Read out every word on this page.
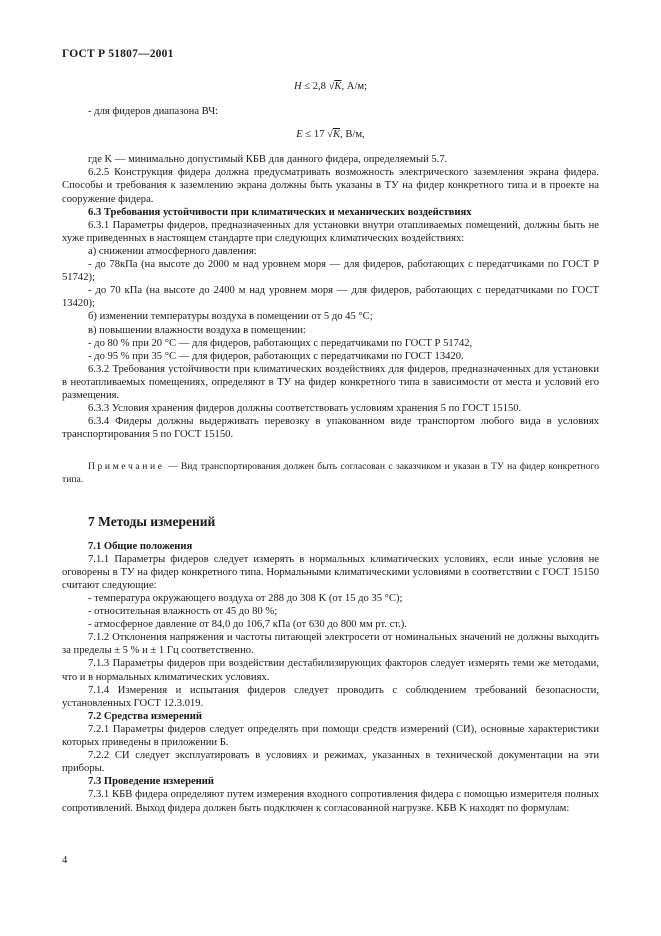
ГОСТ Р 51807—2001

H ≤ 2,8 √K, А/м;

- для фидеров диапазона ВЧ:

E ≤ 17 √K, В/м,

где K — минимально допустимый КБВ для данного фидера, определяемый 5.7.

6.2.5 Конструкция фидера должна предусматривать возможность электрического заземления экрана фидера. Способы и требования к заземлению экрана должны быть указаны в ТУ на фидер конкретного типа и в проекте на сооружение фидера.

6.3 Требования устойчивости при климатических и механических воздействиях

6.3.1 Параметры фидеров, предназначенных для установки внутри отапливаемых помещений, должны быть не хуже приведенных в настоящем стандарте при следующих климатических воздействиях:

а) снижении атмосферного давления:

- до 78кПа (на высоте до 2000 м над уровнем моря — для фидеров, работающих с передатчиками по ГОСТ Р 51742);

- до 70 кПа (на высоте до 2400 м над уровнем моря — для фидеров, работающих с передатчиками по ГОСТ 13420);

б) изменении температуры воздуха в помещении от 5 до 45 °С;

в) повышении влажности воздуха в помещении:

- до 80 % при 20 °С — для фидеров, работающих с передатчиками по ГОСТ Р 51742,

- до 95 % при 35 °С — для фидеров, работающих с передатчиками по ГОСТ 13420.

6.3.2 Требования устойчивости при климатических воздействиях для фидеров, предназначенных для установки в неотапливаемых помещениях, определяют в ТУ на фидер конкретного типа в зависимости от места и условий его размещения.

6.3.3 Условия хранения фидеров должны соответствовать условиям хранения 5 по ГОСТ 15150.

6.3.4 Фидеры должны выдерживать перевозку в упакованном виде транспортом любого вида в условиях транспортирования 5 по ГОСТ 15150.

Примечание — Вид транспортирования должен быть согласован с заказчиком и указан в ТУ на фидер конкретного типа.

7 Методы измерений

7.1 Общие положения

7.1.1 Параметры фидеров следует измерять в нормальных климатических условиях, если иные условия не оговорены в ТУ на фидер конкретного типа. Нормальными климатическими условиями в соответствии с ГОСТ 15150 считают следующие:

- температура окружающего воздуха от 288 до 308 K (от 15 до 35 °С);

- относительная влажность от 45 до 80 %;

- атмосферное давление от 84,0 до 106,7 кПа (от 630 до 800 мм рт. ст.).

7.1.2 Отклонения напряжения и частоты питающей электросети от номинальных значений не должны выходить за пределы ± 5 % и ± 1 Гц соответственно.

7.1.3 Параметры фидеров при воздействии дестабилизирующих факторов следует измерять теми же методами, что и в нормальных климатических условиях.

7.1.4 Измерения и испытания фидеров следует проводить с соблюдением требований безопасности, установленных ГОСТ 12.3.019.

7.2 Средства измерений

7.2.1 Параметры фидеров следует определять при помощи средств измерений (СИ), основные характеристики которых приведены в приложении Б.

7.2.2 СИ следует эксплуатировать в условиях и режимах, указанных в технической документации на эти приборы.

7.3 Проведение измерений

7.3.1 КБВ фидера определяют путем измерения входного сопротивления фидера с помощью измерителя полных сопротивлений. Выход фидера должен быть подключен к согласованной нагрузке. КБВ K находят по формулам:

4
